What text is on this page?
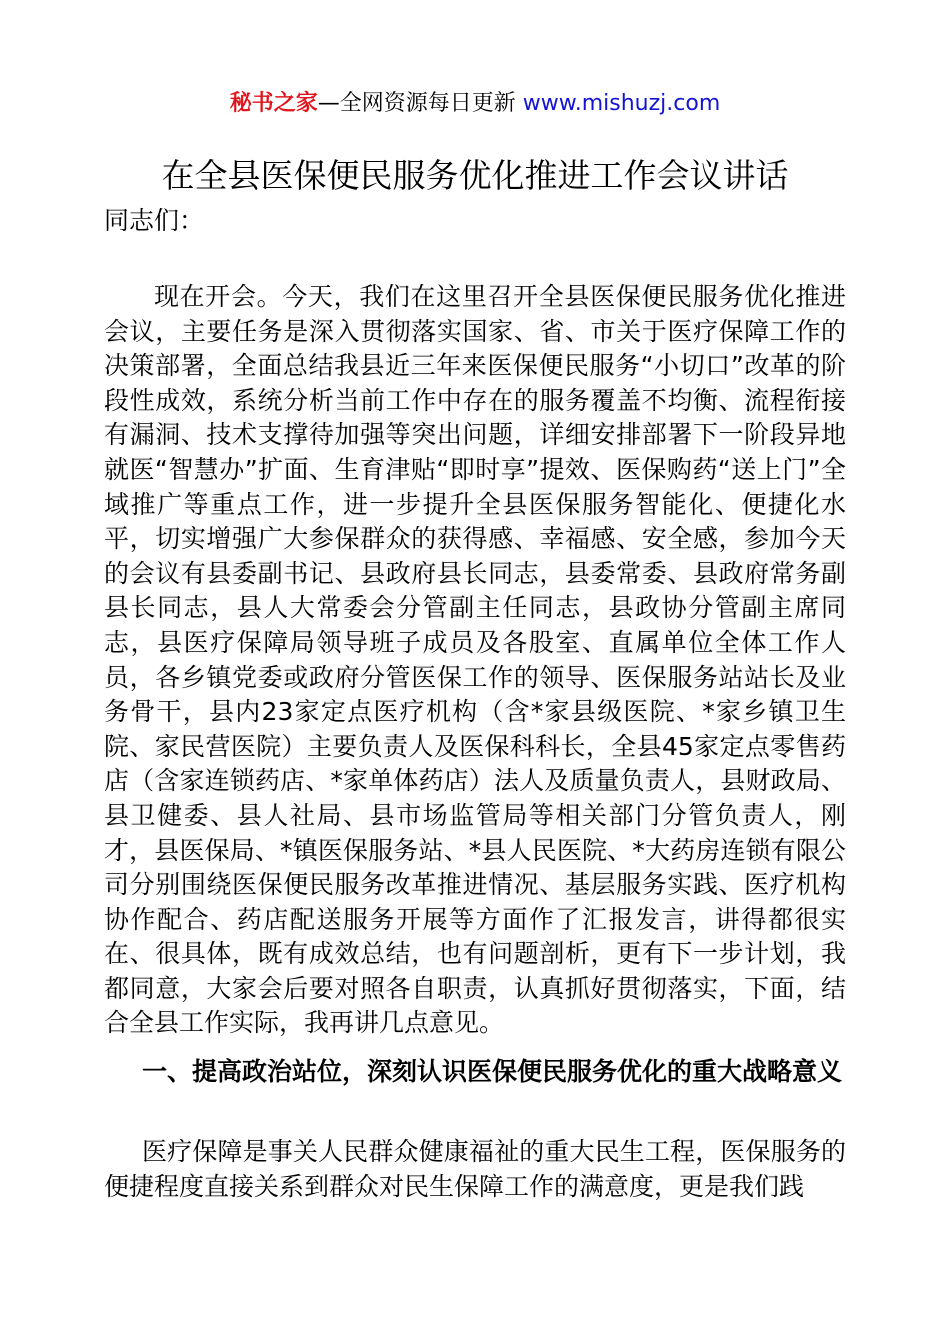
秘书之家—全网资源每日更新 www.mishuzj.com
在全县医保便民服务优化推进工作会议讲话
同志们：
现在开会。今天，我们在这里召开全县医保便民服务优化推进会议，主要任务是深入贯彻落实国家、省、市关于医疗保障工作的决策部署，全面总结我县近三年来医保便民服务“小切口”改革的阶段性成效，系统分析当前工作中存在的服务覆盖不均衡、流程衔接有漏洞、技术支撑待加强等突出问题，详细安排部署下一阶段异地就医“智慧办”扩面、生育津贴“即时享”提效、医保购药“送上门”全域推广等重点工作，进一步提升全县医保服务智能化、便捷化水平，切实增强广大参保群众的获得感、幸福感、安全感，参加今天的会议有县委副书记、县政府县长同志，县委常委、县政府常务副县长同志，县人大常委会分管副主任同志，县政协分管副主席同志，县医疗保障局领导班子成员及各股室、直属单位全体工作人员，各乡镇党委或政府分管医保工作的领导、医保服务站站长及业务骨干，县内23家定点医疗机构（含*家县级医院、*家乡镇卫生院、家民营医院）主要负责人及医保科科长，全县45家定点零售药店（含家连锁药店、*家单体药店）法人及质量负责人，县财政局、县卫健委、县人社局、县市场监管局等相关部门分管负责人，刚才，县医保局、*镇医保服务站、*县人民医院、*大药房连锁有限公司分别围绕医保便民服务改革推进情况、基层服务实践、医疗机构协作配合、药店配送服务开展等方面作了汇报发言，讲得都很实在、很具体，既有成效总结，也有问题剖析，更有下一步计划，我都同意，大家会后要对照各自职责，认真抓好贯彻落实，下面，结合全县工作实际，我再讲几点意见。
一、提高政治站位，深刻认识医保便民服务优化的重大战略意义
医疗保障是事关人民群众健康福祉的重大民生工程，医保服务的便捷程度直接关系到群众对民生保障工作的满意度，更是我们践
